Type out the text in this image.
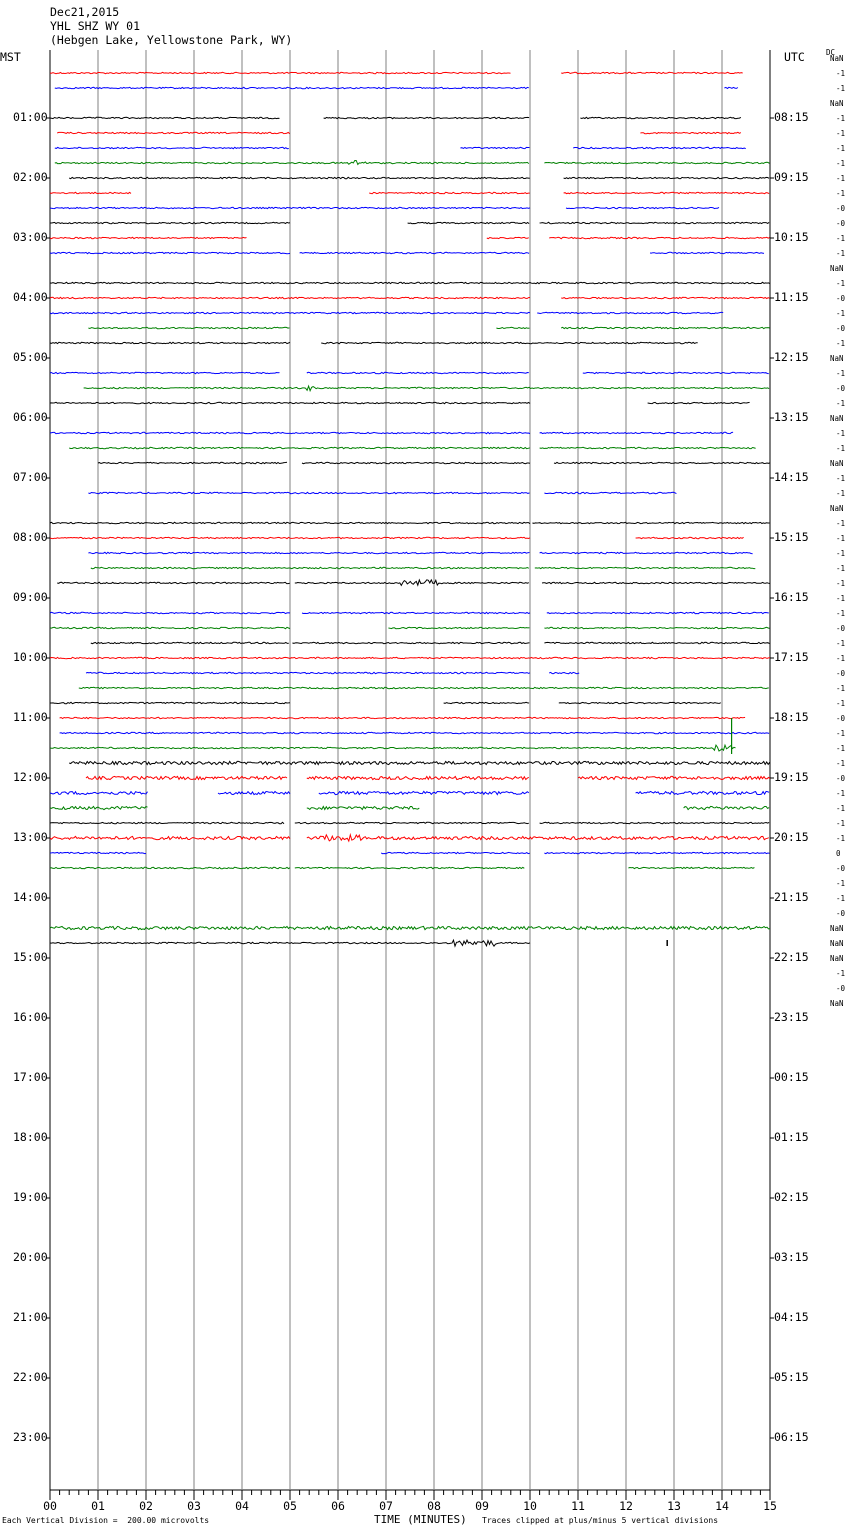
Dec21,2015
YHL SHZ WY 01
(Hebgen Lake, Yellowstone Park, WY)
MST	UTC	DC
00	01	02	03	04	05	06	07	08	09	10	11	12	13	14	15
01:00
02:00
03:00
04:00
05:00
06:00
07:00
08:00
09:00
10:00
11:00
12:00
13:00
14:00
15:00
16:00
17:00
18:00
19:00
20:00
21:00
22:00
23:00
08:15
09:15
10:15
11:15
12:15
13:15
14:15
15:15
16:15
17:15
18:15
19:15
20:15
21:15
22:15
23:15
00:15
01:15
02:15
03:15
04:15
05:15
06:15
NaN
-1
-1
NaN
-1
-1
-1
-1
-1
-1
-0
-0
-1
-1
NaN
-1
-0
-1
-0
-1
NaN
-1
-0
-1
NaN
-1
-1
NaN
-1
-1
NaN
-1
-1
-1
-1
-1
-1
-1
-0
-1
-1
-0
-1
-1
-0
-1
-1
-1
-0
-1
-1
-1
-1
0
-0
-1
-1
-0
NaN
NaN
NaN
-1
-0
NaN
Each Vertical Division =  200.00 microvolts	TIME (MINUTES) Traces clipped at plus/minus 5 vertical divisions
